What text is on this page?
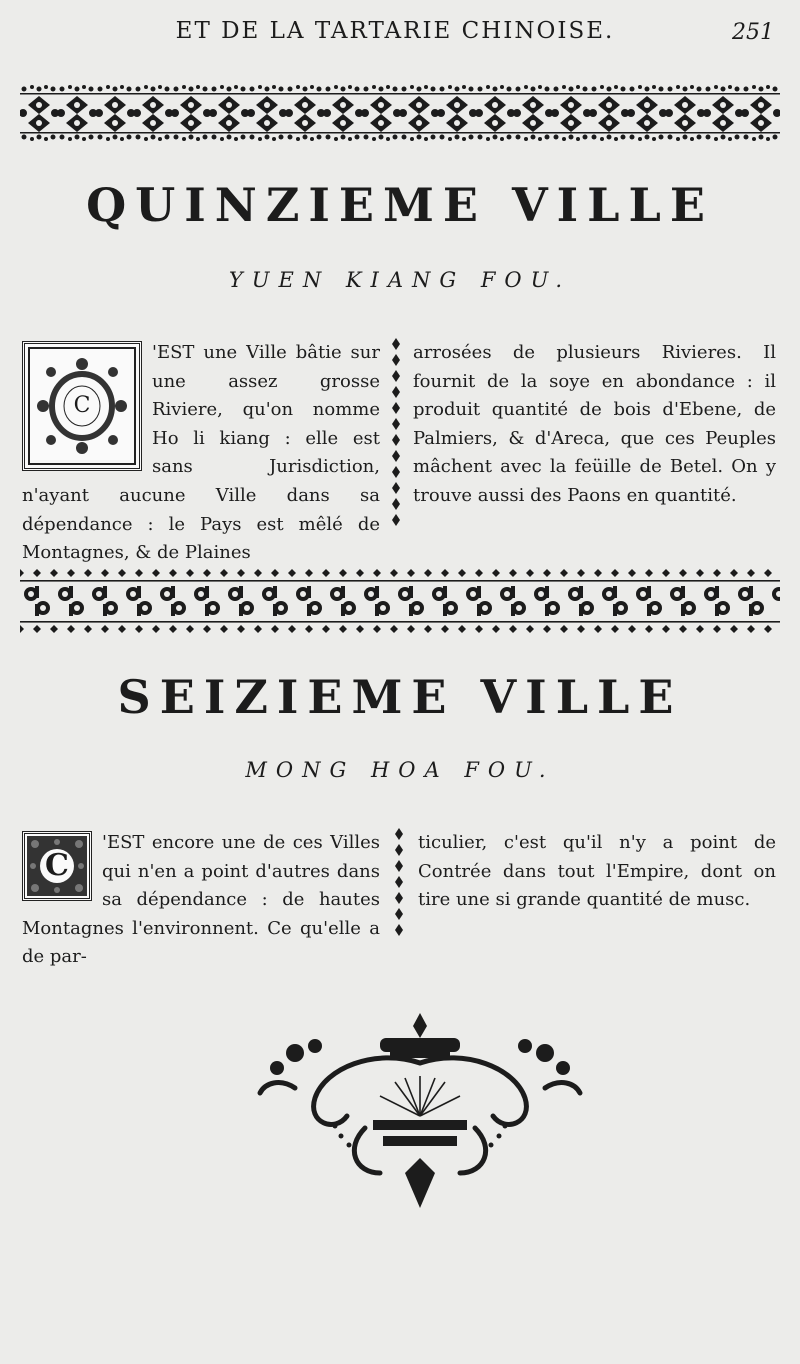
ET DE LA TARTARIE CHINOISE.	251
QUINZIEME VILLE
YUEN KIANG FOU.
C

'EST une Ville bâtie sur une assez grosse Riviere, qu'on nomme Ho li kiang : elle est sans Jurisdiction, n'ayant aucune Ville dans sa dépendance : le Pays est mêlé de Montagnes, & de Plaines

arrosées de plusieurs Rivieres. Il fournit de la soye en abondance : il produit quantité de bois d'Ebene, de Palmiers, & d'Areca, que ces Peuples mâchent avec la feüille de Betel. On y trouve aussi des Paons en quantité.

SEIZIEME VILLE
MONG HOA FOU.
C

'EST encore une de ces Villes qui n'en a point d'autres dans sa dépendance : de hautes Montagnes l'environnent. Ce qu'elle a de par-

ticulier, c'est qu'il n'y a point de Contrée dans tout l'Empire, dont on tire une si grande quantité de musc.
